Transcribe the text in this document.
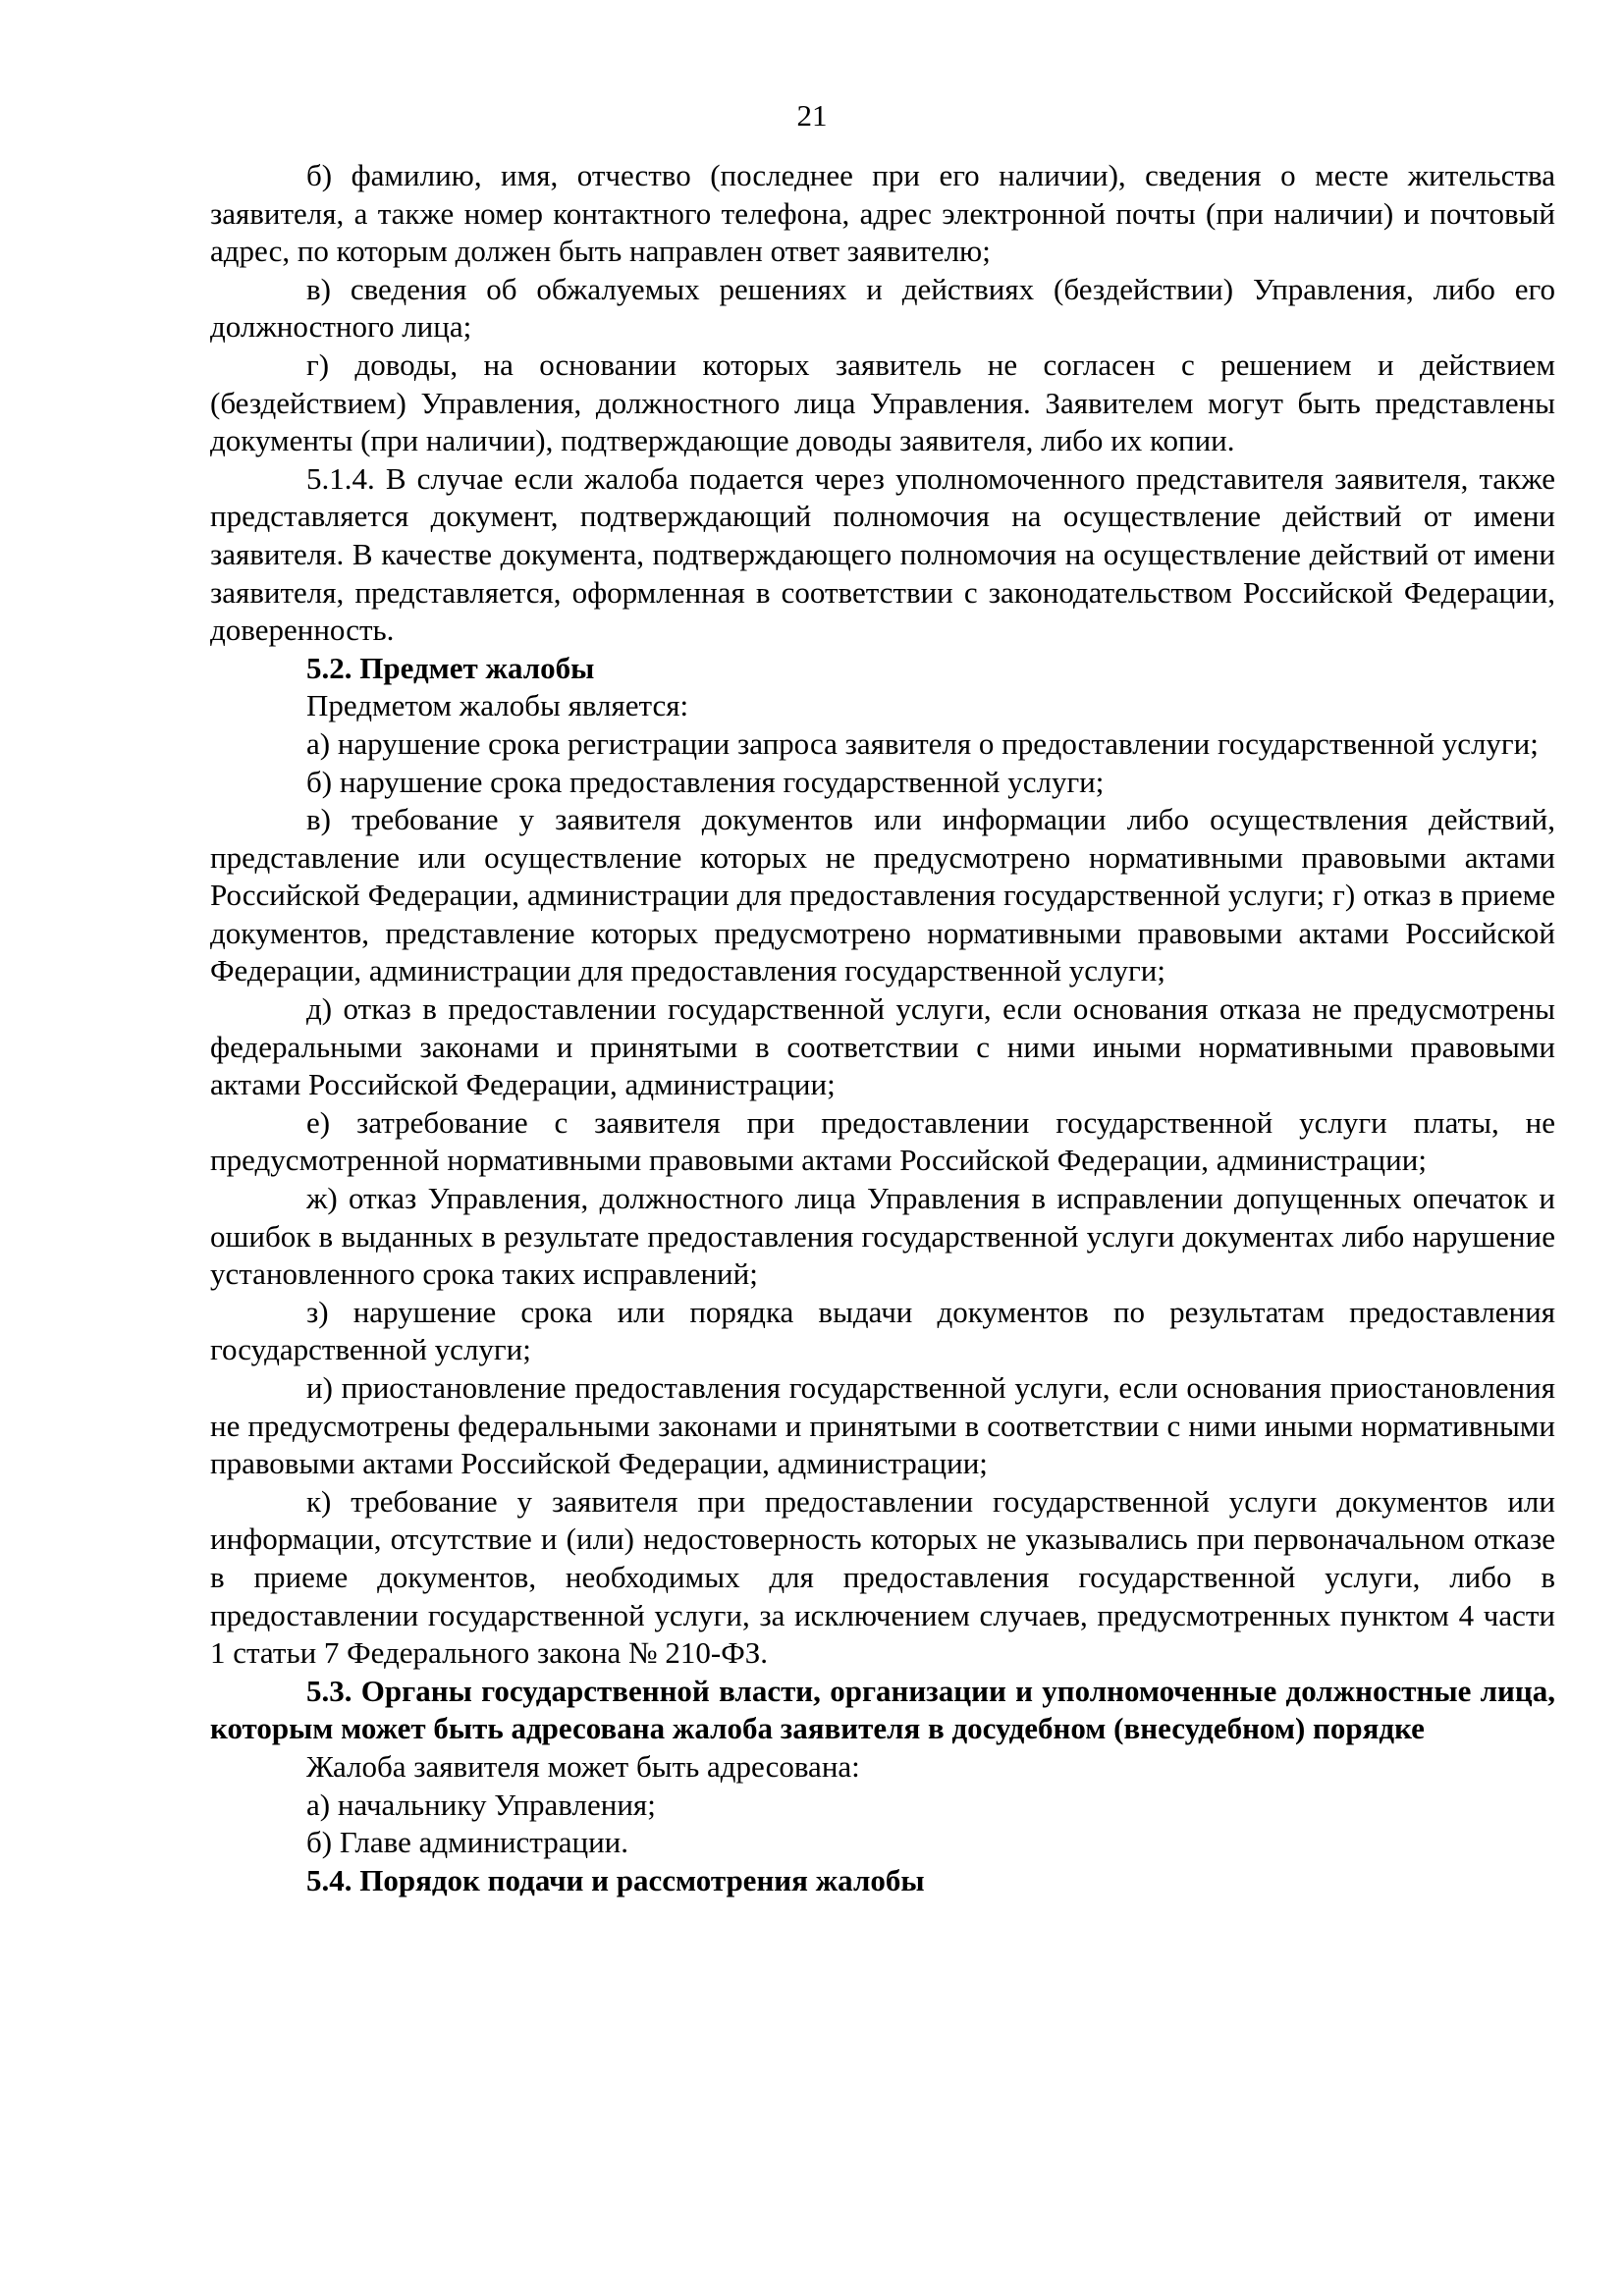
21

б) фамилию, имя, отчество (последнее при его наличии), сведения о месте жительства заявителя, а также номер контактного телефона, адрес электронной почты (при наличии) и почтовый адрес, по которым должен быть направлен ответ заявителю;

в) сведения об обжалуемых решениях и действиях (бездействии) Управления, либо его должностного лица;

г) доводы, на основании которых заявитель не согласен с решением и действием (бездействием) Управления, должностного лица Управления. Заявителем могут быть представлены документы (при наличии), подтверждающие доводы заявителя, либо их копии.

5.1.4. В случае если жалоба подается через уполномоченного представителя заявителя, также представляется документ, подтверждающий полномочия на осуществление действий от имени заявителя. В качестве документа, подтверждающего полномочия на осуществление действий от имени заявителя, представляется, оформленная в соответствии с законодательством Российской Федерации, доверенность.

5.2. Предмет жалобы

Предметом жалобы является:

а) нарушение срока регистрации запроса заявителя о предоставлении государственной услуги;

б) нарушение срока предоставления государственной услуги;

в) требование у заявителя документов или информации либо осуществления действий, представление или осуществление которых не предусмотрено нормативными правовыми актами Российской Федерации, администрации для предоставления государственной услуги; г) отказ в приеме документов, представление которых предусмотрено нормативными правовыми актами Российской Федерации, администрации для предоставления государственной услуги;

д) отказ в предоставлении государственной услуги, если основания отказа не предусмотрены федеральными законами и принятыми в соответствии с ними иными нормативными правовыми актами Российской Федерации, администрации;

е) затребование с заявителя при предоставлении государственной услуги платы, не предусмотренной нормативными правовыми актами Российской Федерации, администрации;

ж) отказ Управления, должностного лица Управления в исправлении допущенных опечаток и ошибок в выданных в результате предоставления государственной услуги документах либо нарушение установленного срока таких исправлений;

з) нарушение срока или порядка выдачи документов по результатам предоставления государственной услуги;

и) приостановление предоставления государственной услуги, если основания приостановления не предусмотрены федеральными законами и принятыми в соответствии с ними иными нормативными правовыми актами Российской Федерации, администрации;

к) требование у заявителя при предоставлении государственной услуги документов или информации, отсутствие и (или) недостоверность которых не указывались при первоначальном отказе в приеме документов, необходимых для предоставления государственной услуги, либо в предоставлении государственной услуги, за исключением случаев, предусмотренных пунктом 4 части 1 статьи 7 Федерального закона № 210-ФЗ.

5.3. Органы государственной власти, организации и уполномоченные должностные лица, которым может быть адресована жалоба заявителя в досудебном (внесудебном) порядке

Жалоба заявителя может быть адресована:

а) начальнику Управления;

б) Главе администрации.

5.4. Порядок подачи и рассмотрения жалобы
